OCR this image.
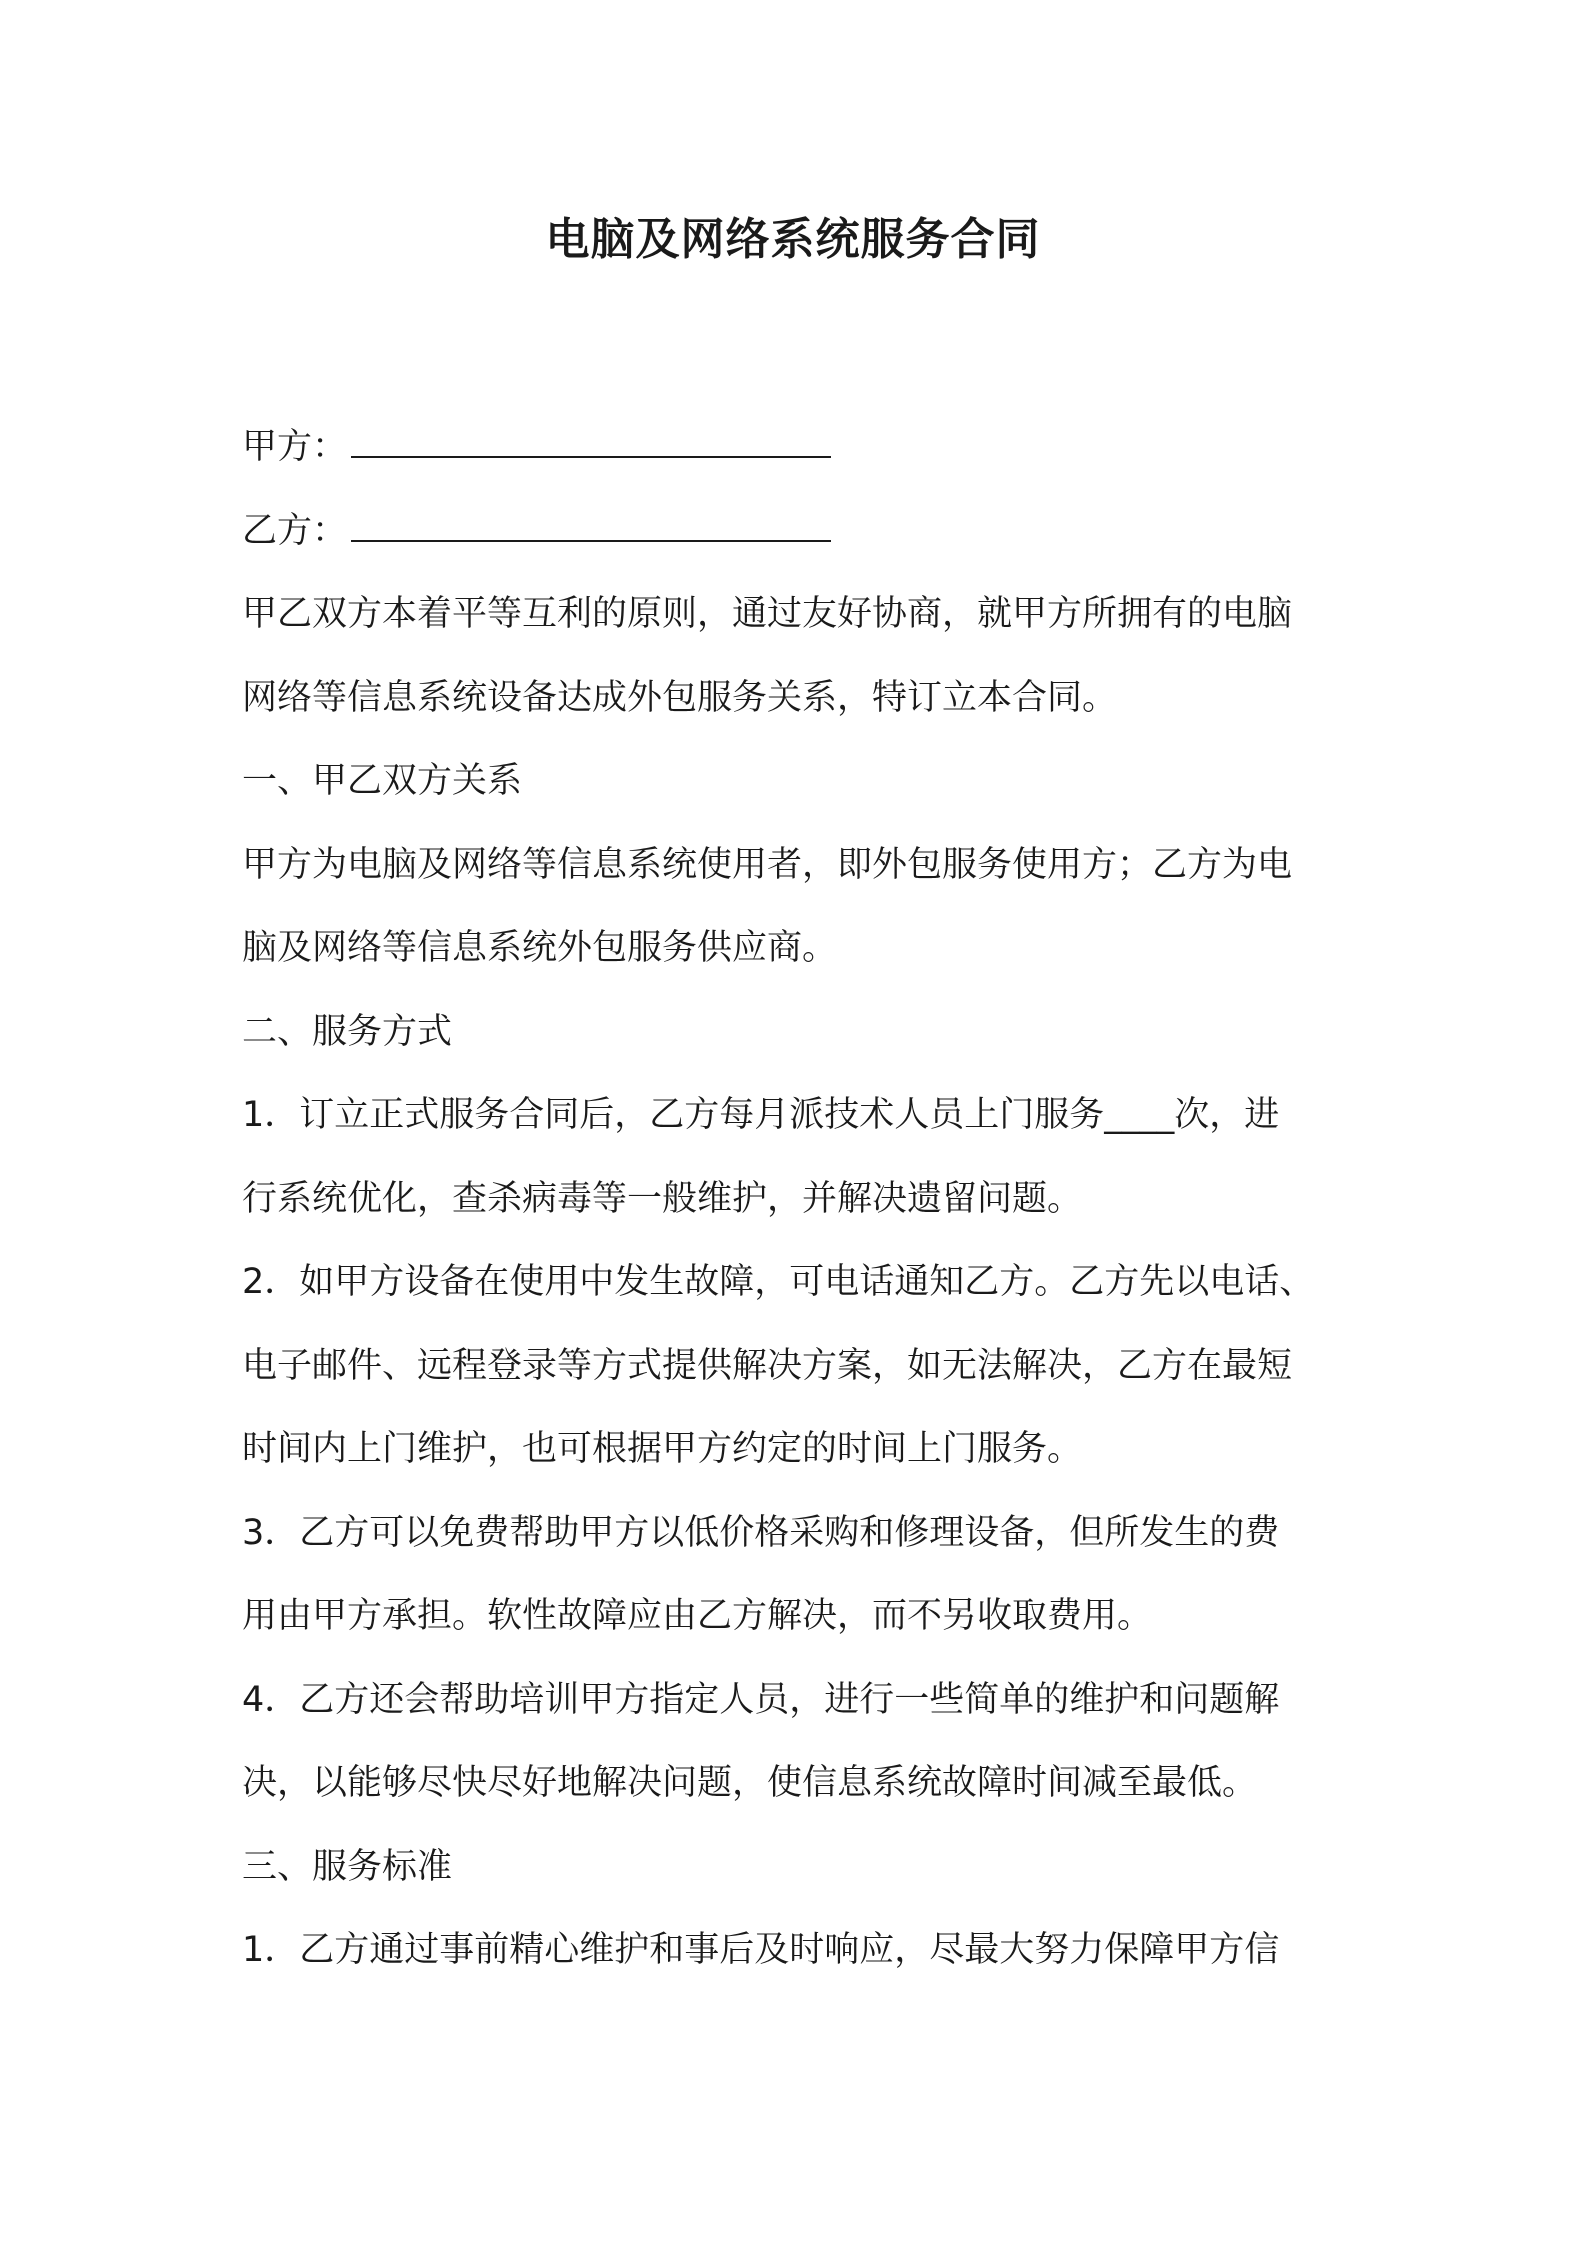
电脑及网络系统服务合同

甲方：

乙方：

甲乙双方本着平等互利的原则，通过友好协商，就甲方所拥有的电脑

网络等信息系统设备达成外包服务关系，特订立本合同。

一、甲乙双方关系

甲方为电脑及网络等信息系统使用者，即外包服务使用方；乙方为电

脑及网络等信息系统外包服务供应商。

二、服务方式

1．订立正式服务合同后，乙方每月派技术人员上门服务____次，进

行系统优化，查杀病毒等一般维护，并解决遗留问题。

2．如甲方设备在使用中发生故障，可电话通知乙方。乙方先以电话、

电子邮件、远程登录等方式提供解决方案，如无法解决，乙方在最短

时间内上门维护，也可根据甲方约定的时间上门服务。

3．乙方可以免费帮助甲方以低价格采购和修理设备，但所发生的费

用由甲方承担。软性故障应由乙方解决，而不另收取费用。

4．乙方还会帮助培训甲方指定人员，进行一些简单的维护和问题解

决，以能够尽快尽好地解决问题，使信息系统故障时间减至最低。

三、服务标准

1．乙方通过事前精心维护和事后及时响应，尽最大努力保障甲方信
